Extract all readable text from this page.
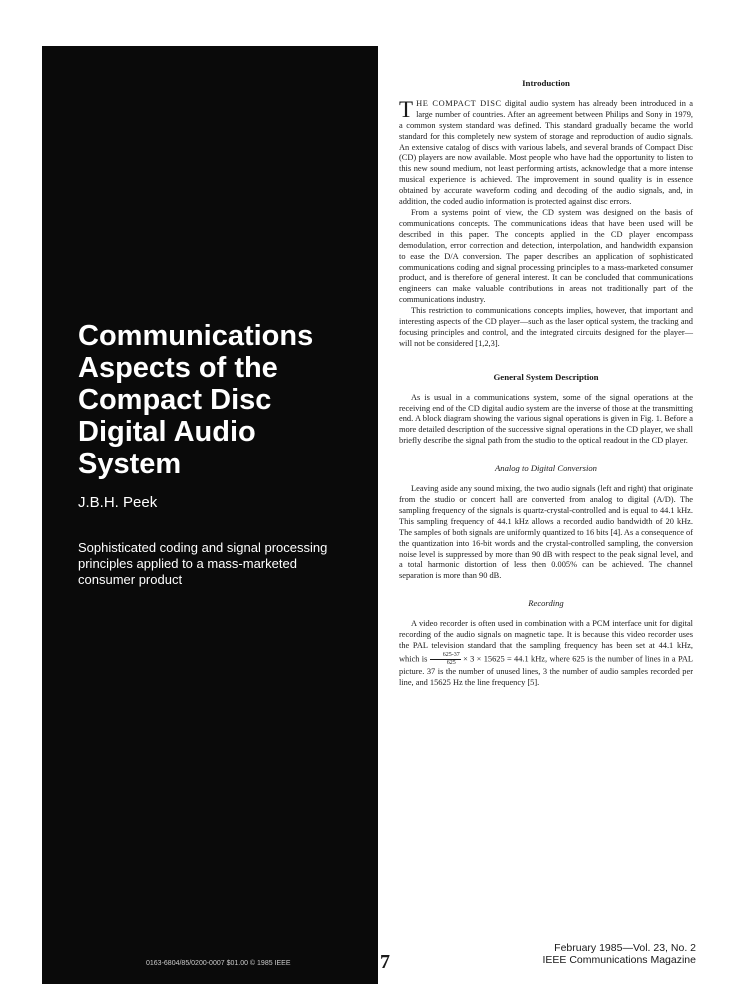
Communications
Aspects of the
Compact Disc
Digital Audio
System
J.B.H. Peek
Sophisticated coding and signal processing
principles applied to a mass-marketed
consumer product
0163-6804/85/0200-0007 $01.00 © 1985 IEEE	7
Introduction

THE COMPACT DISC digital audio system has already been introduced in a large number of countries. After an agreement between Philips and Sony in 1979, a common system standard was defined. This standard gradually became the world standard for this completely new system of storage and reproduction of audio signals. An extensive catalog of discs with various labels, and several brands of Compact Disc (CD) players are now available. Most people who have had the opportunity to listen to this new sound medium, not least performing artists, acknowledge that a more intense musical experience is achieved. The improvement in sound quality is in essence obtained by accurate waveform coding and decoding of the audio signals, and, in addition, the coded audio information is protected against disc errors.

From a systems point of view, the CD system was designed on the basis of communications concepts. The communications ideas that have been used will be described in this paper. The concepts applied in the CD player encompass demodulation, error correction and detection, interpolation, and handwidth expansion to ease the D/A conversion. The paper describes an application of sophisticated communications coding and signal processing principles to a mass-marketed consumer product, and is therefore of general interest. It can be concluded that communications engineers can make valuable contributions in areas not traditionally part of the communications industry.

This restriction to communications concepts implies, however, that important and interesting aspects of the CD player—such as the laser optical system, the tracking and focusing principles and control, and the integrated circuits designed for the player—will not be considered [1,2,3].

General System Description

As is usual in a communications system, some of the signal operations at the receiving end of the CD digital audio system are the inverse of those at the transmitting end. A block diagram showing the various signal operations is given in Fig. 1. Before a more detailed description of the successive signal operations in the CD player, we shall briefly describe the signal path from the studio to the optical readout in the CD player.

Analog to Digital Conversion

Leaving aside any sound mixing, the two audio signals (left and right) that originate from the studio or concert hall are converted from analog to digital (A/D). The sampling frequency of the signals is quartz-crystal-controlled and is equal to 44.1 kHz. This sampling frequency of 44.1 kHz allows a recorded audio bandwidth of 20 kHz. The samples of both signals are uniformly quantized to 16 bits [4]. As a consequence of the quantization into 16-bit words and the crystal-controlled sampling, the conversion noise level is suppressed by more than 90 dB with respect to the peak signal level, and a total harmonic distortion of less then 0.005% can be achieved. The channel separation is more than 90 dB.

Recording

A video recorder is often used in combination with a PCM interface unit for digital recording of the audio signals on magnetic tape. It is because this video recorder uses the PAL television standard that the sampling frequency has been set at 44.1 kHz, which is $\frac{625-37}{625} \times 3 \times 15625 = 44.1$ kHz, where 625 is the number of lines in a PAL picture. 37 is the number of unused lines, 3 the number of audio samples recorded per line, and 15625 Hz the line frequency [5].

February 1985—Vol. 23, No. 2
IEEE Communications Magazine
